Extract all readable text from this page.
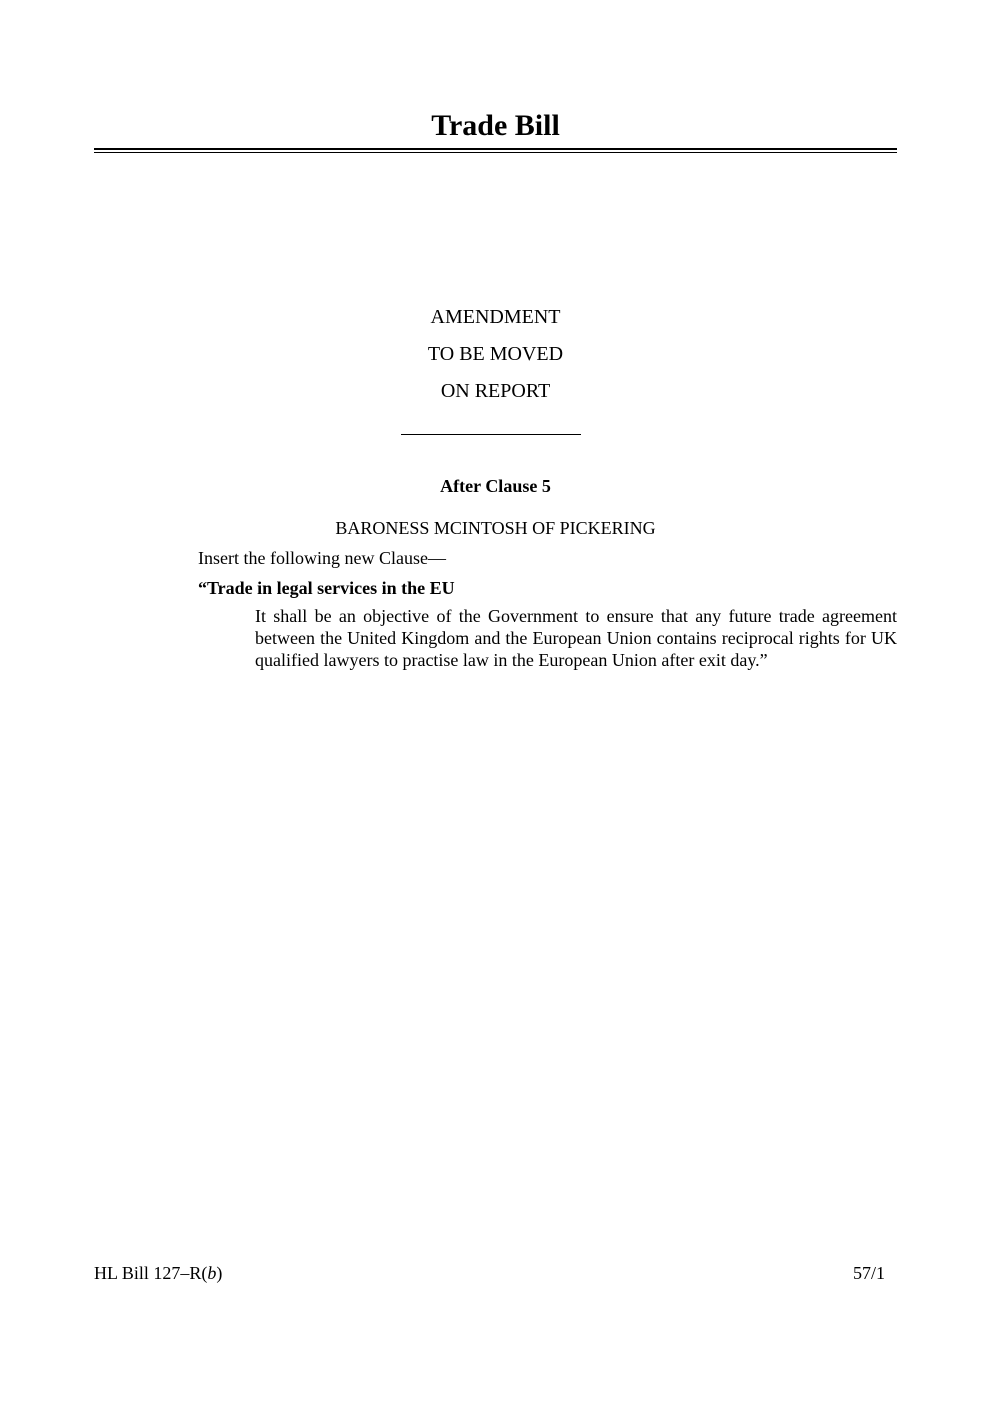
Trade Bill
AMENDMENT
TO BE MOVED
ON REPORT
After Clause 5
BARONESS MCINTOSH OF PICKERING
Insert the following new Clause—
“Trade in legal services in the EU
It shall be an objective of the Government to ensure that any future trade agreement between the United Kingdom and the European Union contains reciprocal rights for UK qualified lawyers to practise law in the European Union after exit day.”
HL Bill 127–R(b)	57/1
